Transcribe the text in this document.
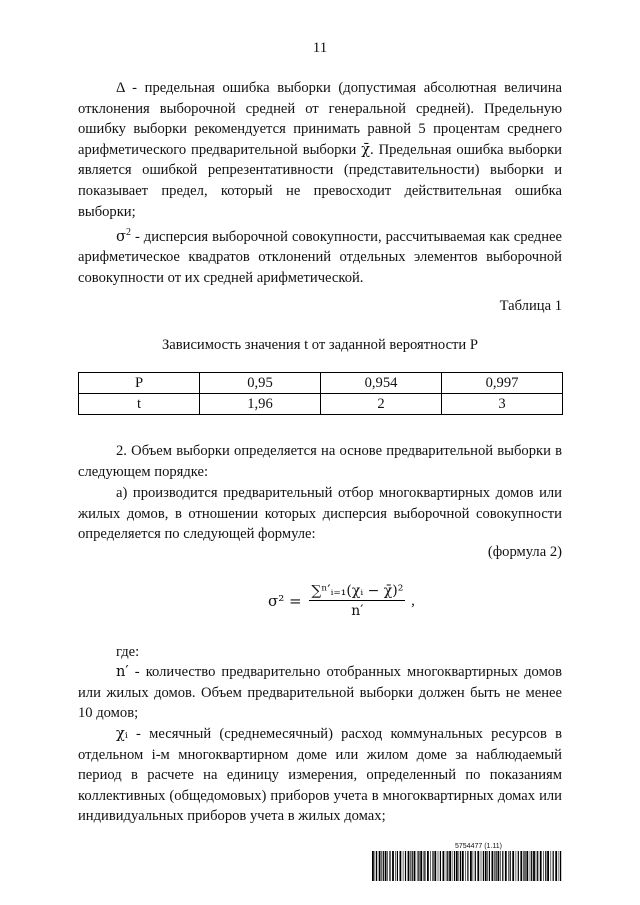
11

Δ - предельная ошибка выборки (допустимая абсолютная величина отклонения выборочной средней от генеральной средней). Предельную ошибку выборки рекомендуется принимать равной 5 процентам среднего арифметического предварительной выборки χ̄. Предельная ошибка выборки является ошибкой репрезентативности (представительности) выборки и показывает предел, который не превосходит действительная ошибка выборки;

$\sigma^2$ - дисперсия выборочной совокупности, рассчитываемая как среднее арифметическое квадратов отклонений отдельных элементов выборочной совокупности от их средней арифметической.

Таблица 1
Зависимость значения t от заданной вероятности P
P	0,95	0,954	0,997
t	1,96	2	3

2. Объем выборки определяется на основе предварительной выборки в следующем порядке:

а) производится предварительный отбор многоквартирных домов или жилых домов, в отношении которых дисперсия выборочной совокупности определяется по следующей формуле:

(формула 2)
$\sigma^2 = \frac{\text{∑ⁿ′ᵢ₌₁(χᵢ − χ̄)²}}{n'}$ ,

где:

n′ - количество предварительно отобранных многоквартирных домов или жилых домов. Объем предварительной выборки должен быть не менее 10 домов;

χᵢ - месячный (среднемесячный) расход коммунальных ресурсов в отдельном i-м многоквартирном доме или жилом доме за наблюдаемый период в расчете на единицу измерения, определенный по показаниям коллективных (общедомовых) приборов учета в многоквартирных домах или индивидуальных приборов учета в жилых домах;

5754477 (1.11)
